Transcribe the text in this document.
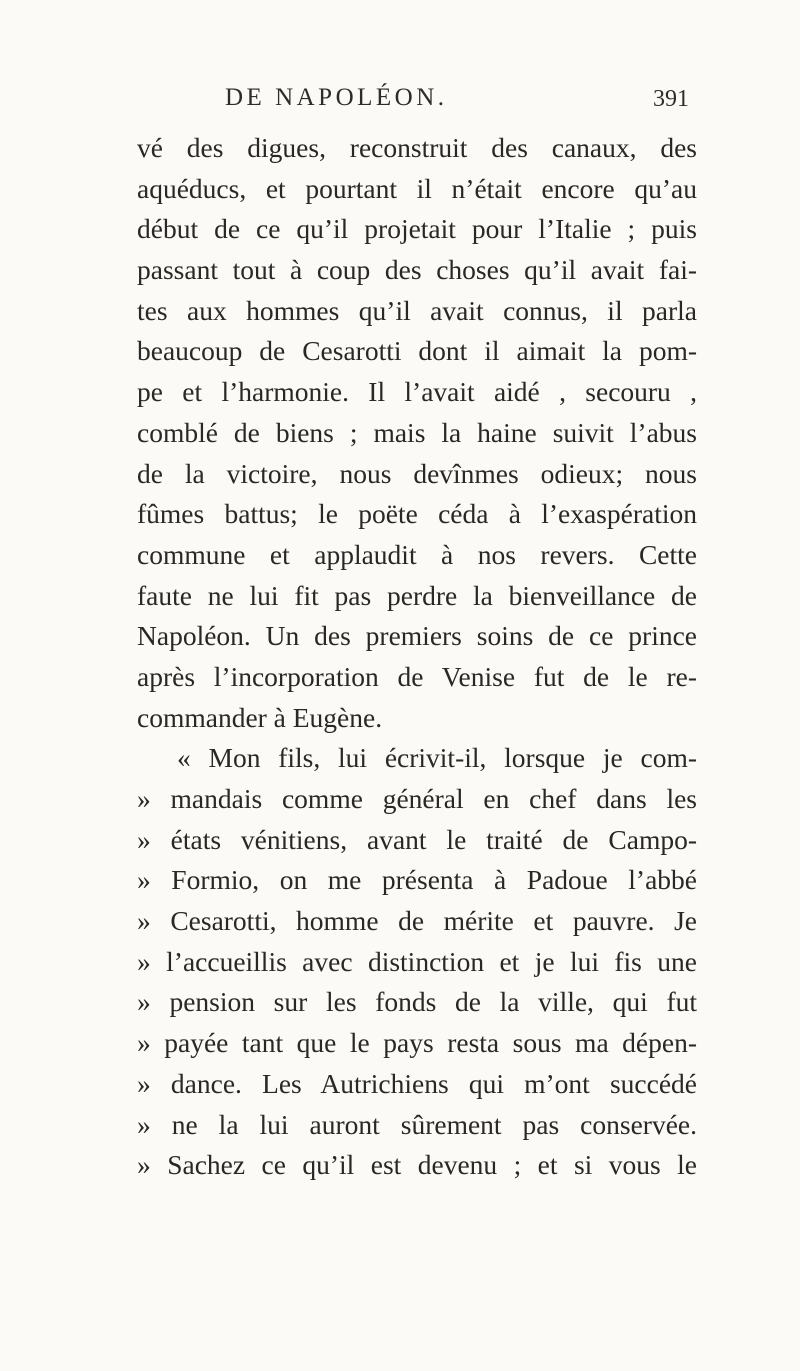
DE NAPOLÉON.	391
vé des digues, reconstruit des canaux, des
aquéducs, et pourtant il n’était encore qu’au
début de ce qu’il projetait pour l’Italie ; puis
passant tout à coup des choses qu’il avait fai-
tes aux hommes qu’il avait connus, il parla
beaucoup de Cesarotti dont il aimait la pom-
pe et l’harmonie. Il l’avait aidé , secouru ,
comblé de biens ; mais la haine suivit l’abus
de la victoire, nous devînmes odieux; nous
fûmes battus; le poëte céda à l’exaspération
commune et applaudit à nos revers. Cette
faute ne lui fit pas perdre la bienveillance de
Napoléon. Un des premiers soins de ce prince
après l’incorporation de Venise fut de le re-
commander à Eugène.
« Mon fils, lui écrivit-il, lorsque je com-
» mandais comme général en chef dans les
» états vénitiens, avant le traité de Campo-
» Formio, on me présenta à Padoue l’abbé
» Cesarotti, homme de mérite et pauvre. Je
» l’accueillis avec distinction et je lui fis une
» pension sur les fonds de la ville, qui fut
» payée tant que le pays resta sous ma dépen-
» dance. Les Autrichiens qui m’ont succédé
» ne la lui auront sûrement pas conservée.
» Sachez ce qu’il est devenu ; et si vous le
